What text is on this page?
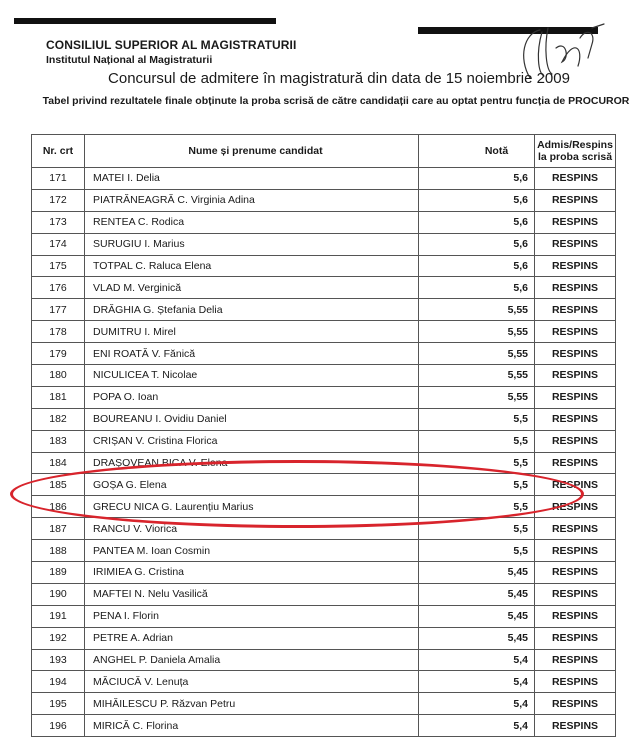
CONSILIUL SUPERIOR AL MAGISTRATURII
Institutul Național al Magistraturii
Concursul de admitere în magistratură din data de 15 noiembrie 2009
Tabel privind rezultatele finale obținute la proba scrisă de către candidații care au optat pentru funcția de PROCUROR
Nr. crt	Nume și prenume candidat	Notă	Admis/Respins la proba scrisă
171	MATEI I. Delia	5,6	RESPINS
172	PIATRĂNEAGRĂ C. Virginia Adina	5,6	RESPINS
173	RENTEA C. Rodica	5,6	RESPINS
174	SURUGIU I. Marius	5,6	RESPINS
175	TOTPAL C. Raluca Elena	5,6	RESPINS
176	VLAD M. Verginică	5,6	RESPINS
177	DRĂGHIA G. Ștefania Delia	5,55	RESPINS
178	DUMITRU I. Mirel	5,55	RESPINS
179	ENI ROATĂ V. Fănică	5,55	RESPINS
180	NICULICEA T. Nicolae	5,55	RESPINS
181	POPA O. Ioan	5,55	RESPINS
182	BOUREANU I. Ovidiu Daniel	5,5	RESPINS
183	CRIȘAN V. Cristina Florica	5,5	RESPINS
184	DRAȘOVEAN BICA V. Elena	5,5	RESPINS
185	GOȘA G. Elena	5,5	RESPINS
186	GRECU NICA G. Laurențiu Marius	5,5	RESPINS
187	RANCU V. Viorica	5,5	RESPINS
188	PANTEA M. Ioan Cosmin	5,5	RESPINS
189	IRIMIEA G. Cristina	5,45	RESPINS
190	MAFTEI N. Nelu Vasilică	5,45	RESPINS
191	PENA I. Florin	5,45	RESPINS
192	PETRE A. Adrian	5,45	RESPINS
193	ANGHEL P. Daniela Amalia	5,4	RESPINS
194	MĂCIUCĂ V. Lenuța	5,4	RESPINS
195	MIHĂILESCU P. Răzvan Petru	5,4	RESPINS
196	MIRICĂ C. Florina	5,4	RESPINS
